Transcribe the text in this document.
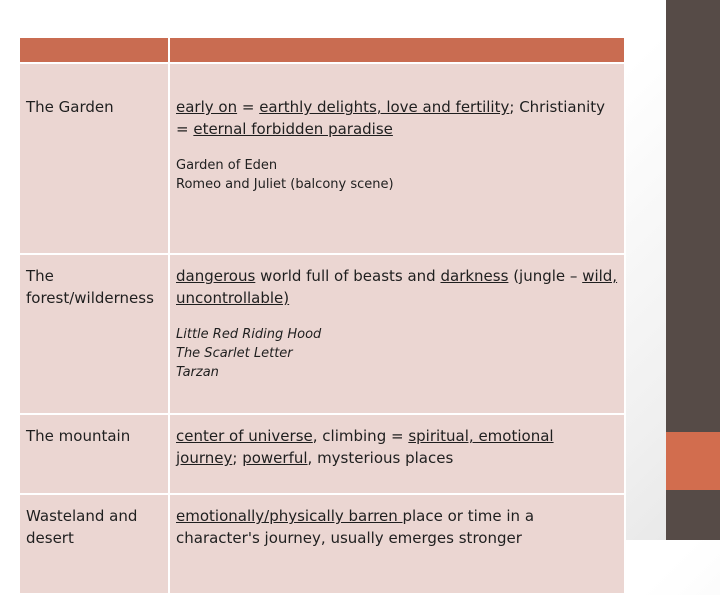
The Garden	early on = earthly delights, love and fertility; Christianity = eternal forbidden paradise
Garden of Eden
Romeo and Juliet (balcony scene)

The forest/wilderness	dangerous world full of beasts and darkness (jungle – wild, uncontrollable)
Little Red Riding Hood
The Scarlet Letter
Tarzan

The mountain	center of universe, climbing = spiritual, emotional journey; powerful, mysterious places

Wasteland and desert	emotionally/physically barren place or time in a character's journey, usually emerges stronger
